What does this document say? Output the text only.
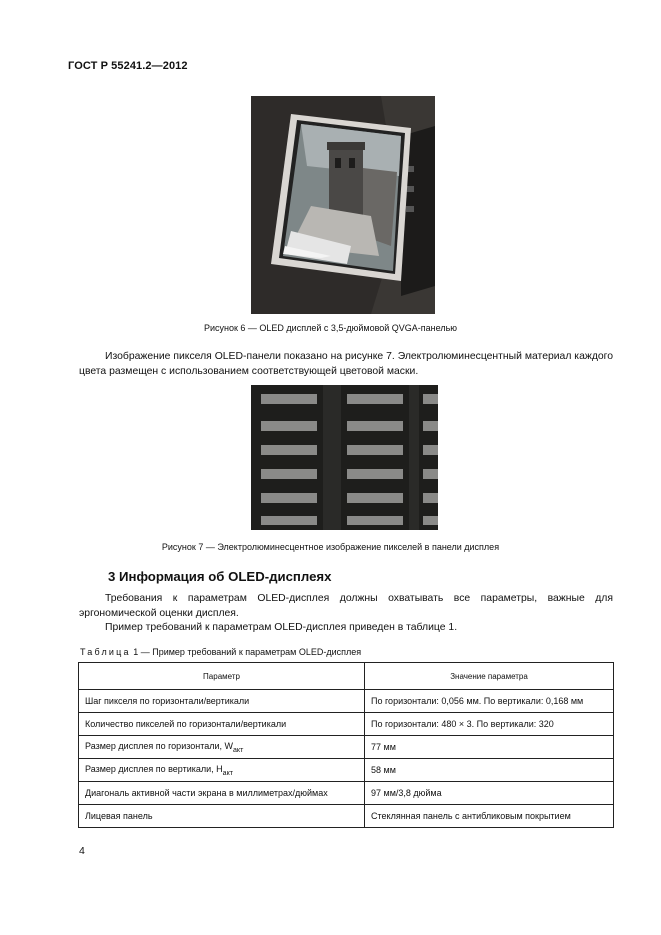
ГОСТ Р 55241.2—2012
Рисунок 6 — OLED дисплей с 3,5-дюймовой QVGA-панелью
Изображение пикселя OLED-панели показано на рисунке 7. Электролюминесцентный материал каждого цвета размещен с использованием соответствующей цветовой маски.
Рисунок 7 — Электролюминесцентное изображение пикселей в панели дисплея
3 Информация об OLED-дисплеях
Требования к параметрам OLED-дисплея должны охватывать все параметры, важные для эргономической оценки дисплея.
Пример требований к параметрам OLED-дисплея приведен в таблице 1.
Таблица 1 — Пример требований к параметрам OLED-дисплея
Параметр	Значение параметра
Шаг пикселя по горизонтали/вертикали	По горизонтали: 0,056 мм. По вертикали: 0,168 мм
Количество пикселей по горизонтали/вертикали	По горизонтали: 480 × 3. По вертикали: 320
Размер дисплея по горизонтали, $W_{акт}$	77 мм
Размер дисплея по вертикали, $H_{акт}$	58 мм
Диагональ активной части экрана в миллиметрах/дюймах	97 мм/3,8 дюйма
Лицевая панель	Стеклянная панель с антибликовым покрытием
4
